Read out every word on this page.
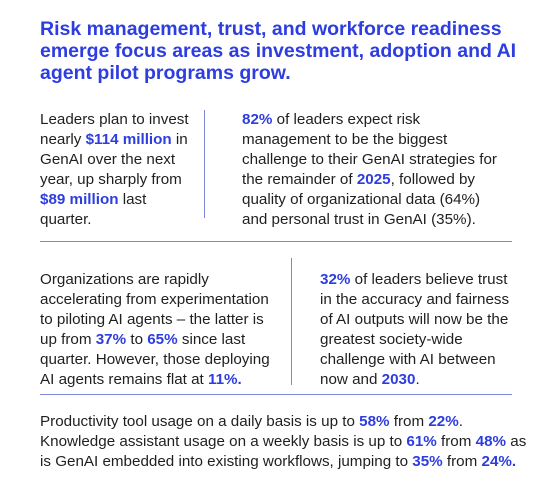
Risk management, trust, and workforce readiness emerge focus areas as investment, adoption and AI agent pilot programs grow.

Leaders plan to invest nearly $114 million in GenAI over the next year, up sharply from $89 million last quarter.

82% of leaders expect risk management to be the biggest challenge to their GenAI strategies for the remainder of 2025, followed by quality of organizational data (64%) and personal trust in GenAI (35%).

Organizations are rapidly accelerating from experimentation to piloting AI agents – the latter is up from 37% to 65% since last quarter. However, those deploying AI agents remains flat at 11%.

32% of leaders believe trust in the accuracy and fairness of AI outputs will now be the greatest society-wide challenge with AI between now and 2030.

Productivity tool usage on a daily basis is up to 58% from 22%. Knowledge assistant usage on a weekly basis is up to 61% from 48% as is GenAI embedded into existing workflows, jumping to 35% from 24%.
